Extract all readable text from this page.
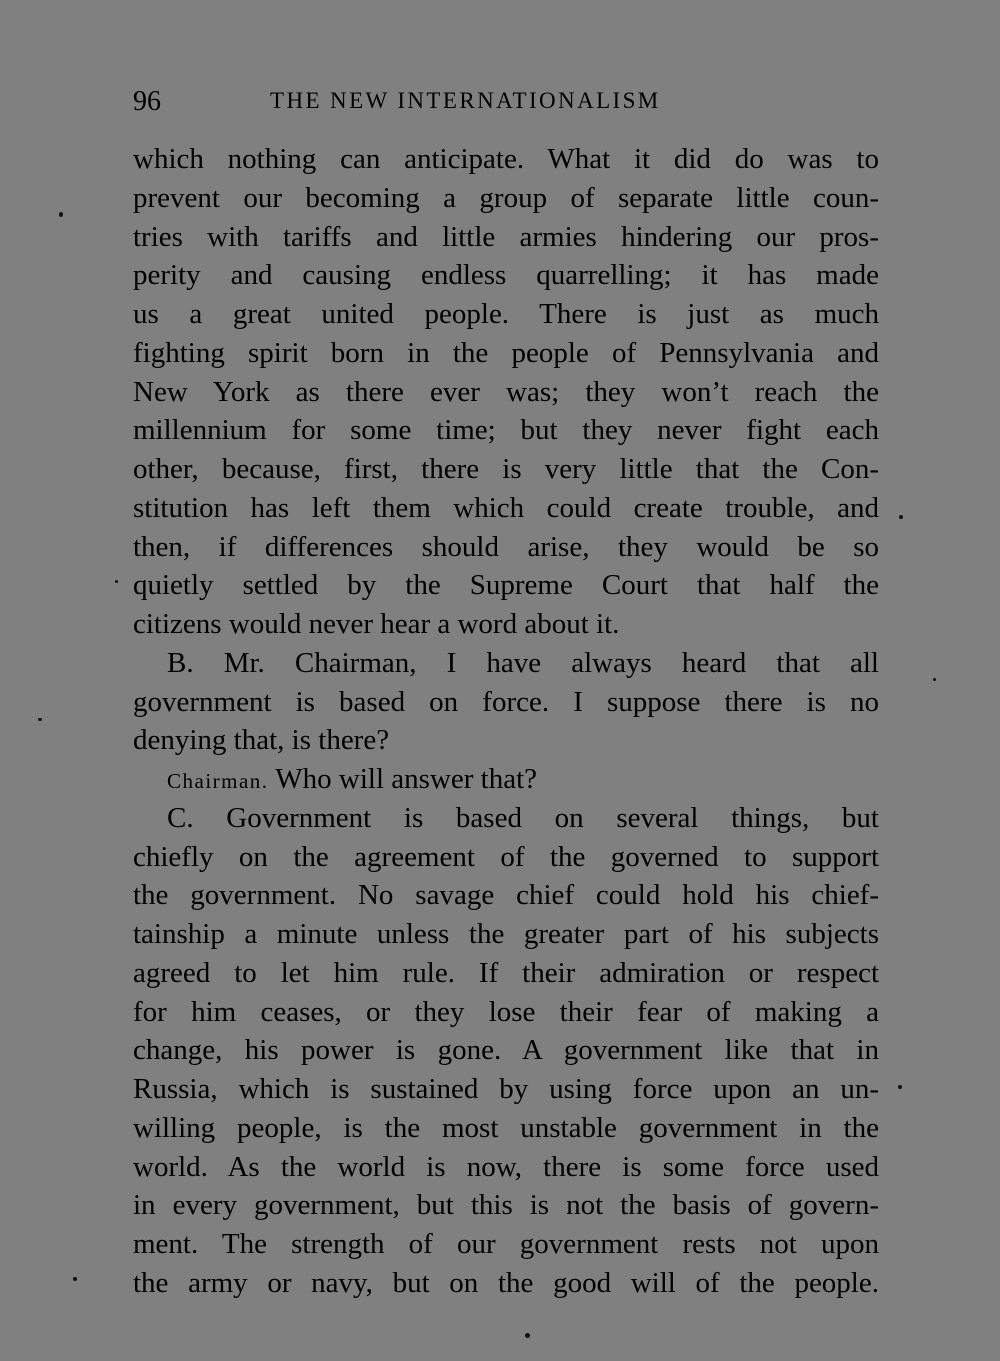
96	THE NEW INTERNATIONALISM
which nothing can anticipate. What it did do was to
prevent our becoming a group of separate little coun-
tries with tariffs and little armies hindering our pros-
perity and causing endless quarrelling; it has made
us a great united people. There is just as much
fighting spirit born in the people of Pennsylvania and
New York as there ever was; they won’t reach the
millennium for some time; but they never fight each
other, because, first, there is very little that the Con-
stitution has left them which could create trouble, and
then, if differences should arise, they would be so
quietly settled by the Supreme Court that half the
citizens would never hear a word about it.
B. Mr. Chairman, I have always heard that all
government is based on force. I suppose there is no
denying that, is there?
Chairman. Who will answer that?
C. Government is based on several things, but
chiefly on the agreement of the governed to support
the government. No savage chief could hold his chief-
tainship a minute unless the greater part of his subjects
agreed to let him rule. If their admiration or respect
for him ceases, or they lose their fear of making a
change, his power is gone. A government like that in
Russia, which is sustained by using force upon an un-
willing people, is the most unstable government in the
world. As the world is now, there is some force used
in every government, but this is not the basis of govern-
ment. The strength of our government rests not upon
the army or navy, but on the good will of the people.
